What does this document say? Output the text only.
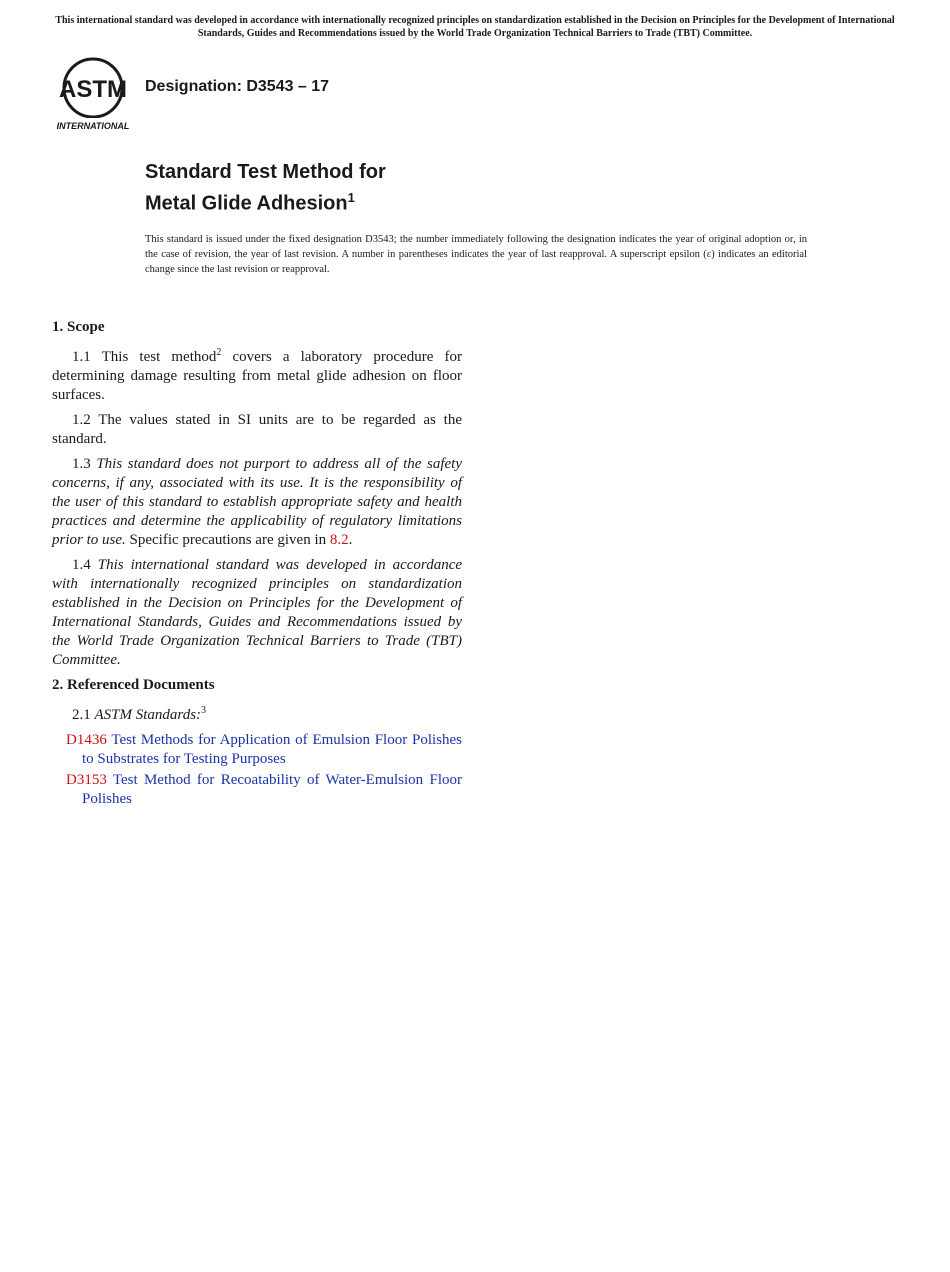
This international standard was developed in accordance with internationally recognized principles on standardization established in the Decision on Principles for the Development of International Standards, Guides and Recommendations issued by the World Trade Organization Technical Barriers to Trade (TBT) Committee.
ASTM
INTERNATIONAL
Designation: D3543 – 17
Standard Test Method for
Metal Glide Adhesion$^1$
This standard is issued under the fixed designation D3543; the number immediately following the designation indicates the year of original adoption or, in the case of revision, the year of last revision. A number in parentheses indicates the year of last reapproval. A superscript epsilon (ε) indicates an editorial change since the last revision or reapproval.
1. Scope
1.1 This test method$^2$ covers a laboratory procedure for determining damage resulting from metal glide adhesion on floor surfaces.
1.2 The values stated in SI units are to be regarded as the standard.
1.3 This standard does not purport to address all of the safety concerns, if any, associated with its use. It is the responsibility of the user of this standard to establish appropriate safety and health practices and determine the applicability of regulatory limitations prior to use. Specific precautions are given in 8.2.
1.4 This international standard was developed in accordance with internationally recognized principles on standardization established in the Decision on Principles for the Development of International Standards, Guides and Recommendations issued by the World Trade Organization Technical Barriers to Trade (TBT) Committee.
2. Referenced Documents
2.1 ASTM Standards:$^3$
D1436 Test Methods for Application of Emulsion Floor Polishes to Substrates for Testing Purposes
D3153 Test Method for Recoatability of Water-Emulsion Floor Polishes
